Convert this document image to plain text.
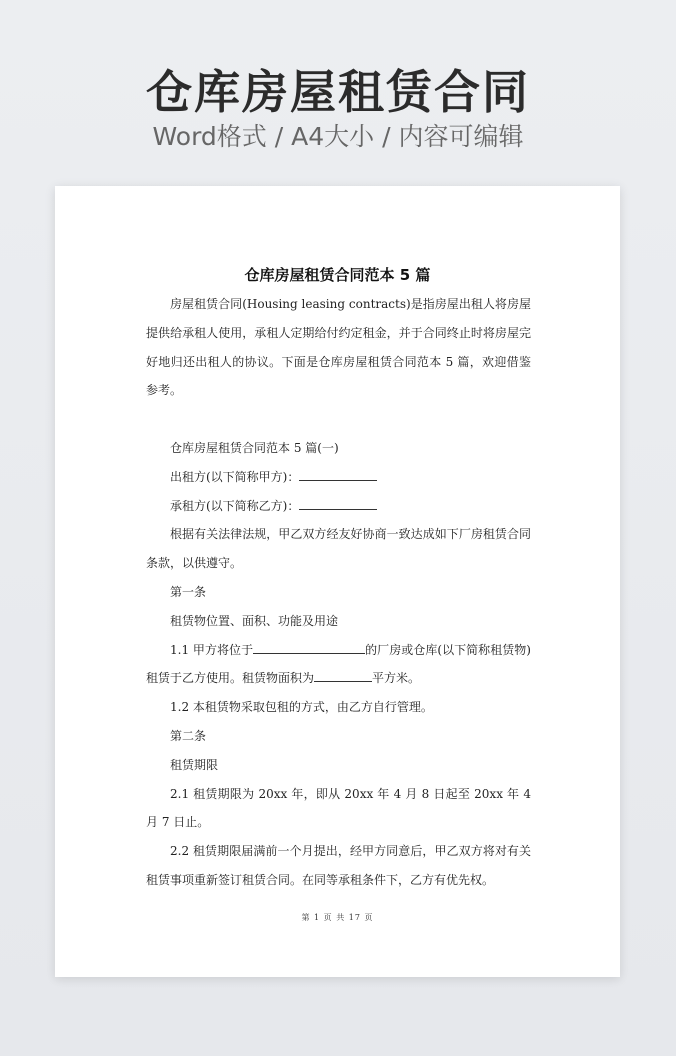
仓库房屋租赁合同
Word格式 / A4大小 / 内容可编辑
仓库房屋租赁合同范本 5 篇

房屋租赁合同(Housing leasing contracts)是指房屋出租人将房屋提供给承租人使用，承租人定期给付约定租金，并于合同终止时将房屋完好地归还出租人的协议。下面是仓库房屋租赁合同范本 5 篇，欢迎借鉴参考。

仓库房屋租赁合同范本 5 篇(一)

出租方(以下简称甲方)：

承租方(以下简称乙方)：

根据有关法律法规，甲乙双方经友好协商一致达成如下厂房租赁合同条款，以供遵守。

第一条

租赁物位置、面积、功能及用途

1.1 甲方将位于	的厂房或仓库(以下简称租赁物)租赁于乙方使用。租赁物面积为	平方米。

1.2 本租赁物采取包租的方式，由乙方自行管理。

第二条

租赁期限

2.1 租赁期限为 20xx 年，即从 20xx 年 4 月 8 日起至 20xx 年 4 月 7 日止。

2.2 租赁期限届满前一个月提出，经甲方同意后，甲乙双方将对有关租赁事项重新签订租赁合同。在同等承租条件下，乙方有优先权。

第 1 页 共 17 页
